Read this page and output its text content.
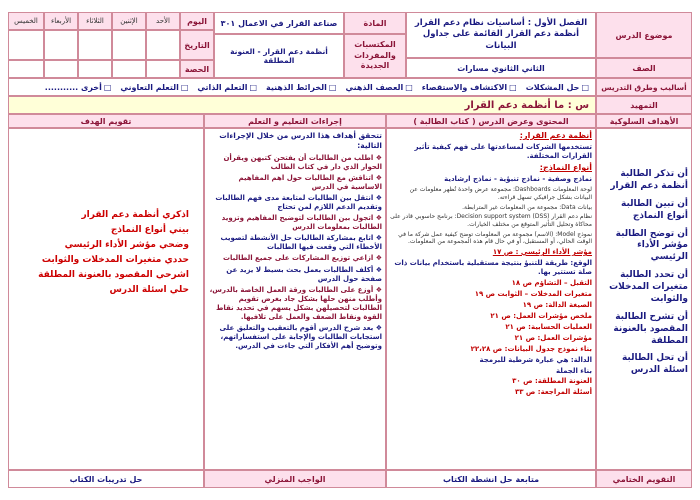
موضوع الدرس
الفصل الأول : أساسيات نظام دعم القرار أنظمة دعم القرار القائمة على جداول البيانات
المادة
صناعة القرار في الاعمال ٣٠١
المكتسبات والمفردات الجديدة
أنظمة دعم القرار - العنونة المطلقة
اليوم
التاريخ
الحصة
الأحد
الإثنين
الثلاثاء
الأربعاء
الخميس
الصف
الثاني الثانوي مسارات
أساليب وطرق التدريس
□حل المشكلات
□الاكتشاف والاستقصاء
□العصف الذهني
□الخرائط الذهنية
□التعلم الذاتي
□التعلم التعاوني
□أخرى ...........
التمهيد
س : ما أنظمة دعم القرار
الأهداف السلوكية
المحتوى وعرض الدرس ( كتاب الطالبة )
إجراءات التعليم و التعلم
تقويم الهدف

أن تذكر الطالبة أنظمة دعم القرار

أن تبين الطالبة أنواع النماذج

أن توضح الطالبة مؤشر الأداء الرئيسي

أن تحدد الطالبة متغيرات المدخلات والثوابت

أن تشرح الطالبة المقصود بالعنونة المطلقة

أن تحل الطالبة اسئلة الدرس

أنظمة دعم القرار:

تستخدمها الشركات لمساعدتها على فهم كيفية تأثير القرارات المختلفة.

أنواع النماذج:

نماذج وصفية - نماذج تنبؤية - نماذج ارشادية

لوحة المعلومات Dashboards: مجموعة عرض واحدة تُظهر معلومات عن البيانات بشكل جرافيكي تسهل قراءته.

بيانات Data: مجموعة من المعلومات غير المترابطة.

نظام دعم القرار Decision support system (DSS): برنامج حاسوبي قادر على محاكاة وتحليل التأثير المتوقع من مختلف الخيارات.

نموذج Model: (الاسم) مجموعة من المعلومات توضح كيفية عمل شركة ما في الوقت الحالي، أو المستقبل، أو في حال قام هذه المجموعة من المعلومات.

مؤشر الأداء الرئيسي : ص ١٧

الوقع: طريقة للتنبؤ بنتيجة مستقبلية باستخدام بيانات ذات صلة تستتير بها.

التقبل – التشاؤم ص ١٨

متغيرات المدخلات – الثوابت ص ١٩

الصيغة الدالة: ص ١٩

ملخص مؤشرات العمل: ص ٢١

العمليات الحسابية: ص ٢١

مؤشرات العمل: ص ٢١

بناء نموذج جدول البيانات: ص ٢٢،٢٨

الدالة: هي عبارة شرطية للبرمجة

بناء الجملة

العنونة المطلقة: ص ٣٠

أسئلة المراجعة: ص ٣٣

تتحقق أهداف هذا الدرس من خلال الإجراءات التالية:

❖ اطلب من الطالبات أن يفتحن كتبهن ويقرأن الحوار الذي دار في كتاب الطالب

❖ اتناقش مع الطالبات حول اهم المفاهيم الاساسية في الدرس

❖ انتقل بين الطالبات لمتابعة مدى فهم الطالبات وتقديم الدعم اللازم لمن تحتاج

❖ اتجول بين الطالبات لتوضيح المفاهيم وتزويد الطالبات بمعلومات الدرس

❖ اتابع بمشاركة الطالبات حل الأنشطة لتصويب الأخطاء التي وقعت فيها الطالبات

❖ ازاعي توزيع المشاركات على جميع الطالبات

❖ أكلف الطالبات بعمل بحث بسيط لا يزيد عن صفحة حول الدرس

❖ أوزع على الطالبات ورقة العمل الخاصة بالدرس، وأطلب منهن حلها بشكل جاد بغرض تقويم الطالبات لتحصيلهن بشكل يسهم في تحديد نقاط القوة ونقاط الضعف والعمل على تلافيها.

❖ بعد شرح الدرس أقوم بالتعقيب والتعليق على استجابات الطالبات والإجابة على استفساراتهم، وتوضيح أهم الأفكار التي جاءت في الدرس.

اذكري أنظمة دعم القرار

بيني أنواع النماذج

وضحي مؤشر الأداء الرئيسي

حددي متغيرات المدخلات والثوابت

اشرحي المقصود بالعنونة المطلقة

حلي اسئلة الدرس

التقويم الختامي
متابعة حل انشطة الكتاب
الواجب المنزلي
حل تدريبات الكتاب
